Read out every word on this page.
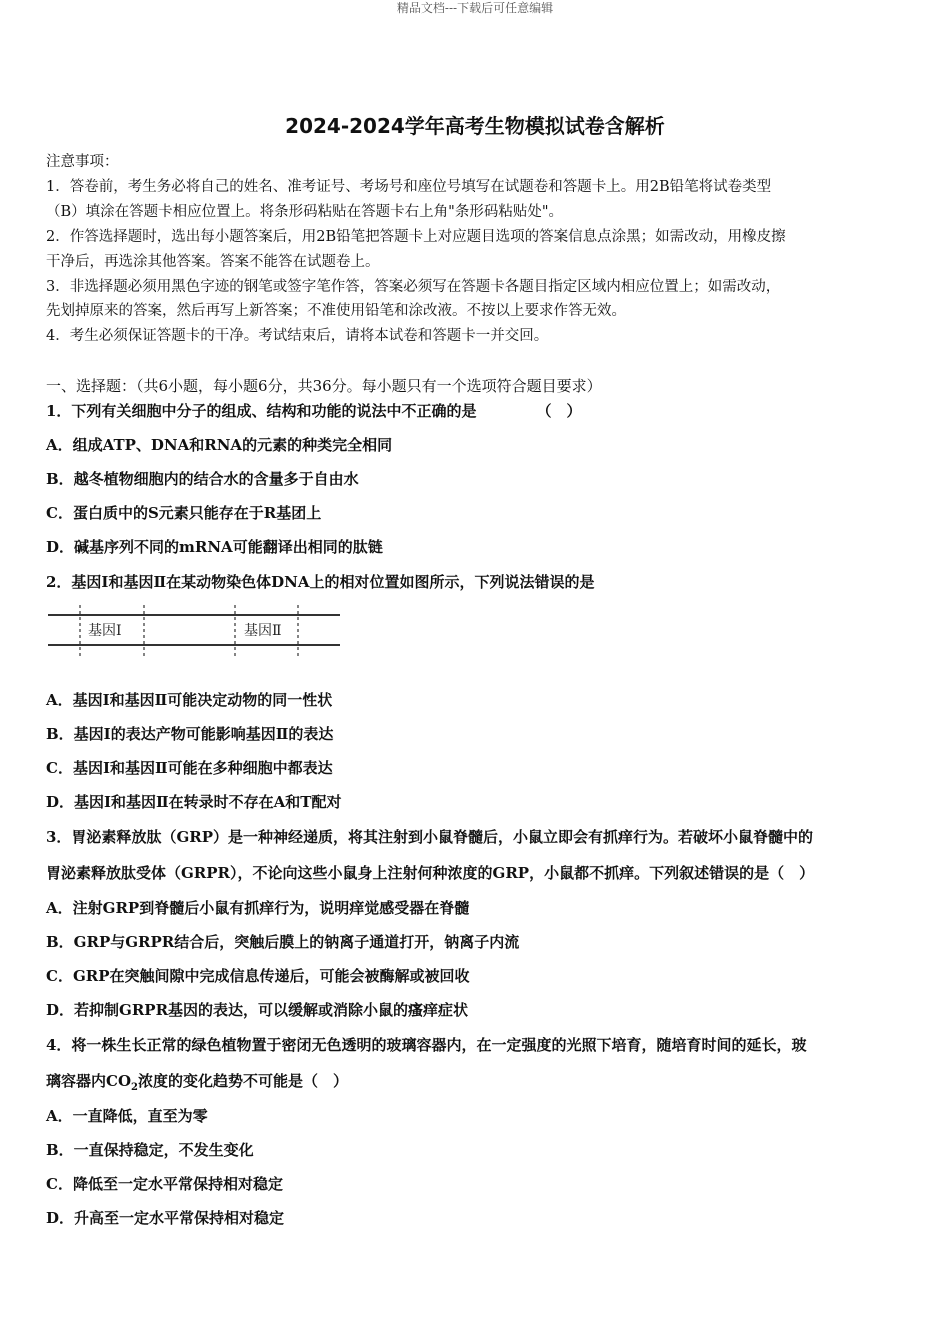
精品文档---下载后可任意编辑
2024-2024学年高考生物模拟试卷含解析
注意事项：
1．答卷前，考生务必将自己的姓名、准考证号、考场号和座位号填写在试题卷和答题卡上。用2B铅笔将试卷类型
（B）填涂在答题卡相应位置上。将条形码粘贴在答题卡右上角"条形码粘贴处"。
2．作答选择题时，选出每小题答案后，用2B铅笔把答题卡上对应题目选项的答案信息点涂黑；如需改动，用橡皮擦
干净后，再选涂其他答案。答案不能答在试题卷上。
3．非选择题必须用黑色字迹的钢笔或签字笔作答，答案必须写在答题卡各题目指定区域内相应位置上；如需改动，
先划掉原来的答案，然后再写上新答案；不准使用铅笔和涂改液。不按以上要求作答无效。
4．考生必须保证答题卡的干净。考试结束后，请将本试卷和答题卡一并交回。
一、选择题：（共6小题，每小题6分，共36分。每小题只有一个选项符合题目要求）
1．下列有关细胞中分子的组成、结构和功能的说法中不正确的是	（　）
A．组成ATP、DNA和RNA的元素的种类完全相同
B．越冬植物细胞内的结合水的含量多于自由水
C．蛋白质中的S元素只能存在于R基团上
D．碱基序列不同的mRNA可能翻译出相同的肽链
2．基因Ⅰ和基因Ⅱ在某动物染色体DNA上的相对位置如图所示，下列说法错误的是
基因Ⅰ	基因Ⅱ
A．基因Ⅰ和基因Ⅱ可能决定动物的同一性状
B．基因Ⅰ的表达产物可能影响基因Ⅱ的表达
C．基因Ⅰ和基因Ⅱ可能在多种细胞中都表达
D．基因Ⅰ和基因Ⅱ在转录时不存在A和T配对
3．胃泌素释放肽（GRP）是一种神经递质，将其注射到小鼠脊髓后，小鼠立即会有抓痒行为。若破坏小鼠脊髓中的
胃泌素释放肽受体（GRPR），不论向这些小鼠身上注射何种浓度的GRP，小鼠都不抓痒。下列叙述错误的是（　）
A．注射GRP到脊髓后小鼠有抓痒行为，说明痒觉感受器在脊髓
B．GRP与GRPR结合后，突触后膜上的钠离子通道打开，钠离子内流
C．GRP在突触间隙中完成信息传递后，可能会被酶解或被回收
D．若抑制GRPR基因的表达，可以缓解或消除小鼠的瘙痒症状
4．将一株生长正常的绿色植物置于密闭无色透明的玻璃容器内，在一定强度的光照下培育，随培育时间的延长，玻
璃容器内$CO_2$浓度的变化趋势不可能是（　）
A．一直降低，直至为零
B．一直保持稳定，不发生变化
C．降低至一定水平常保持相对稳定
D．升高至一定水平常保持相对稳定
